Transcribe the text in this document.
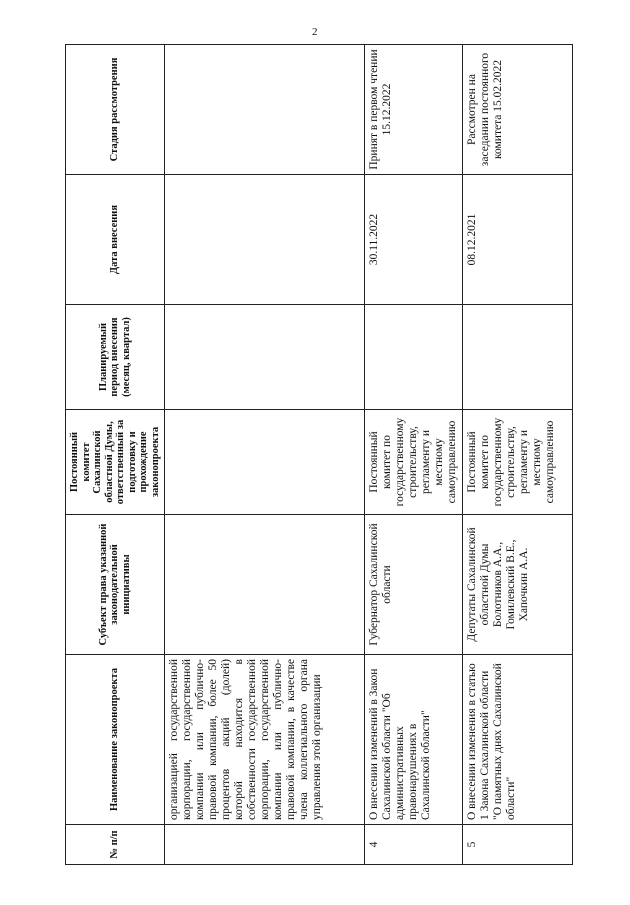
2
№ п/п	Наименование законопроекта	Субъект права указанной законодательной инициативы	Постоянный комитет Сахалинской областной Думы, ответственный за подготовку и прохождение законопроекта	Планируемый период внесения (месяц, квартал)	Дата внесения	Стадия рассмотрения
	организацией государственной корпорации, государственной компании или публично-правовой компании, более 50 процентов акций (долей) которой находится в собственности государственной корпорации, государственной компании или публично-правовой компании, в качестве члена коллегиального органа управления этой организации					
4	О внесении изменений в Закон Сахалинской области "Об административных правонарушениях в Сахалинской области"	Губернатор Сахалинской области	Постоянный комитет по государственному строительству, регламенту и местному самоуправлению		30.11.2022	Принят в первом чтении 15.12.2022
5	О внесении изменения в статью 1 Закона Сахалинской области "О памятных днях Сахалинской области"	Депутаты Сахалинской областной Думы Болотников А.А., Гомилевский В.Е., Хапочкин А.А.	Постоянный комитет по государственному строительству, регламенту и местному самоуправлению		08.12.2021	Рассмотрен на заседании постоянного комитета 15.02.2022
